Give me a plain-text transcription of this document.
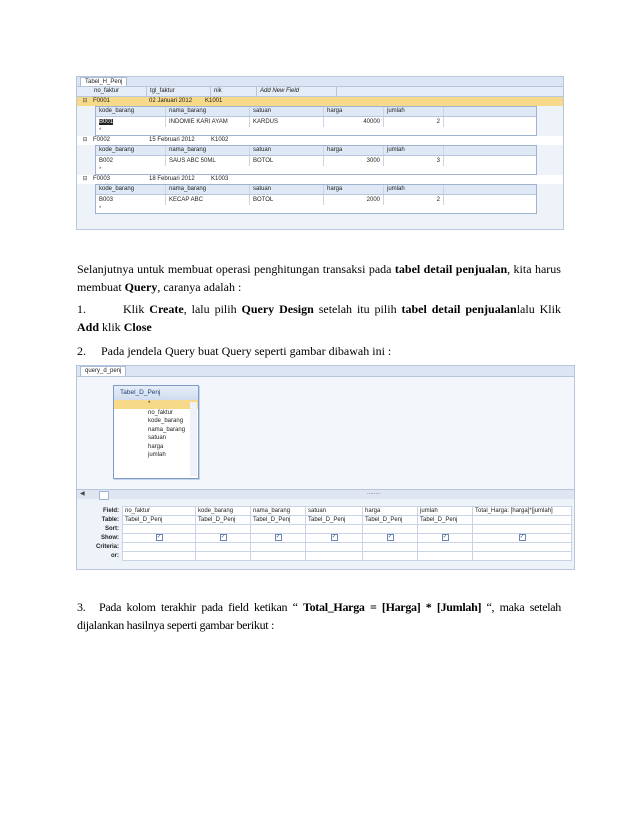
Tabel_H_Penj
no_faktur	tgl_faktur	nik	Add New Field
⊟ F0001	02 Januari 2012	K1001
kode_barang	nama_barang	satuan	harga	jumlah
B001	INDOMIE KARI AYAM	KARDUS	40000	2
*
⊟ F0002	15 Februari 2012	K1002
kode_barang	nama_barang	satuan	harga	jumlah
B002	SAUS ABC 50ML	BOTOL	3000	3
*
⊟ F0003	18 Februari 2012	K1003
kode_barang	nama_barang	satuan	harga	jumlah
B003	KECAP ABC	BOTOL	2000	2
*
Selanjutnya untuk membuat operasi penghitungan transaksi pada tabel detail penjualan, kita harus membuat Query, caranya adalah :
1.	Klik Create, lalu pilih Query Design setelah itu pilih tabel detail penjualanlalu Klik Add klik Close
2. Pada jendela Query buat Query seperti gambar dibawah ini :
query_d_penj
Tabel_D_Penj
*
no_faktur
kode_barang
nama_barang
satuan
harga
jumlah
◀	........
Field:	no_faktur	kode_barang	nama_barang	satuan	harga	jumlah	Total_Harga: [harga]*[jumlah]
Table:	Tabel_D_Penj	Tabel_D_Penj	Tabel_D_Penj	Tabel_D_Penj	Tabel_D_Penj	Tabel_D_Penj	
Sort:							
Show:	✓	✓	✓	✓	✓	✓	✓
Criteria:							
or:							
3. Pada kolom terakhir pada field ketikan “ Total_Harga = [Harga] * [Jumlah] “, maka setelah dijalankan hasilnya seperti gambar berikut :
